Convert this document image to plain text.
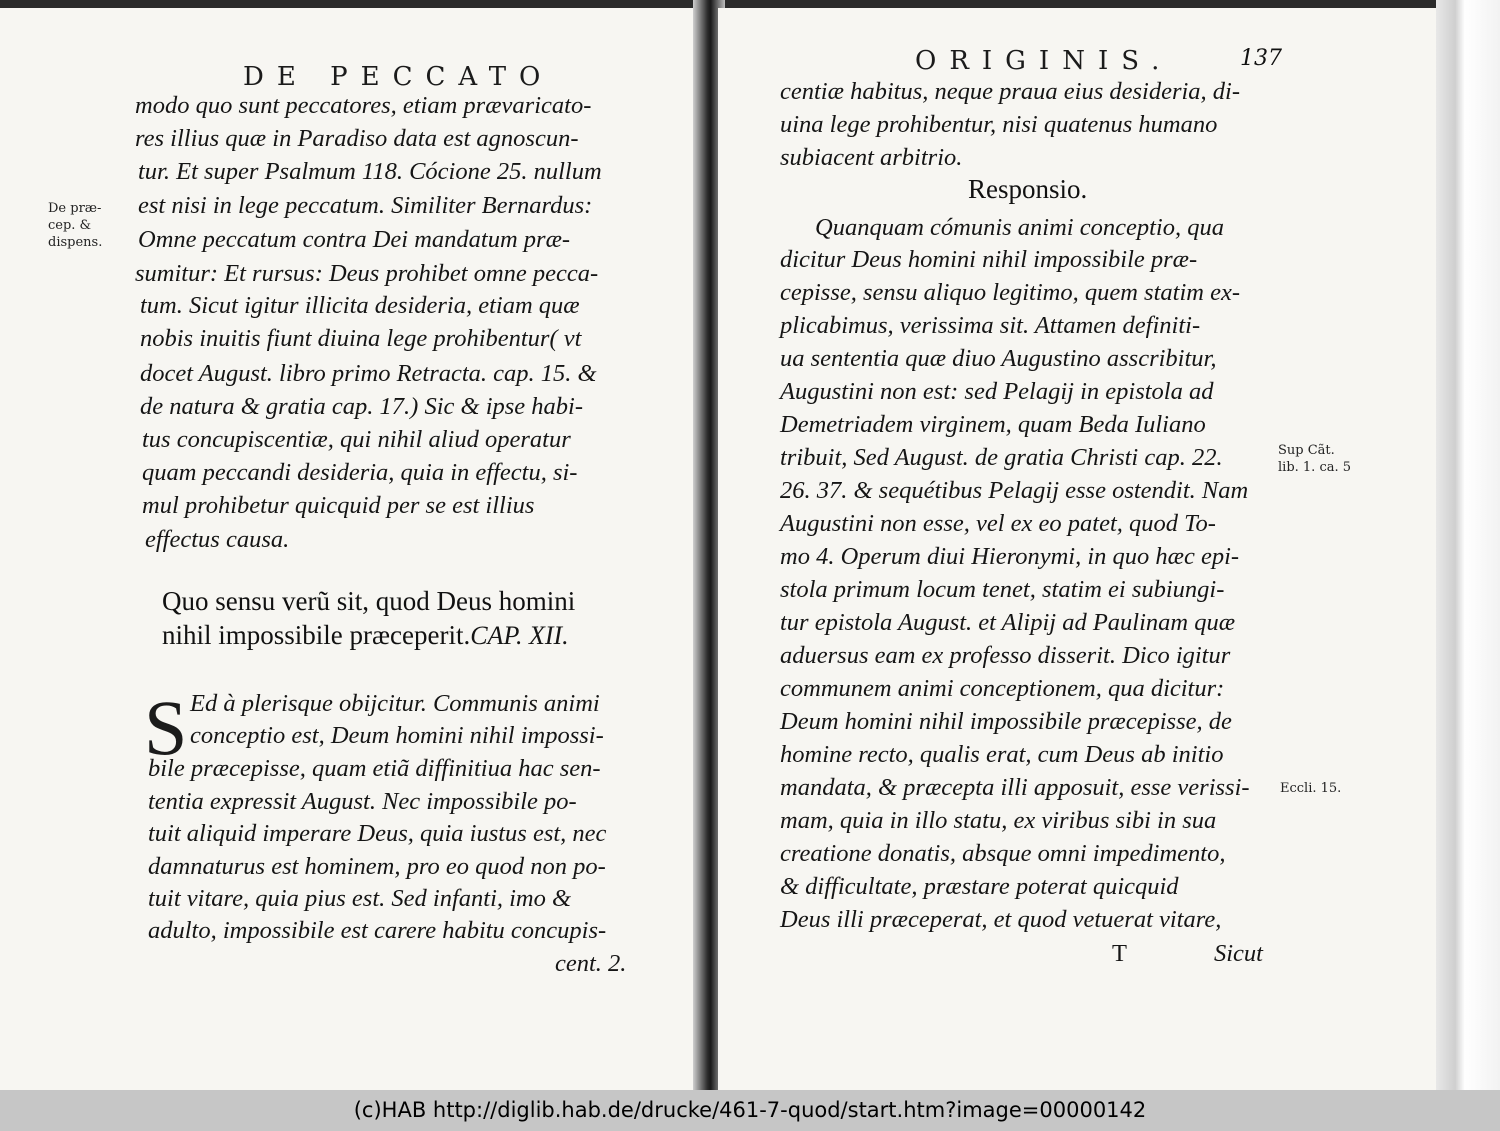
DE PECCATO
modo quo sunt peccatores, etiam prævaricato-
res illius quæ in Paradiso data est agnoscun-
tur. Et super Psalmum 118. Cócione 25. nullum
est nisi in lege peccatum. Similiter Bernardus:
Omne peccatum contra Dei mandatum præ-
sumitur: Et rursus: Deus prohibet omne pecca-
tum. Sicut igitur illicita desideria, etiam quæ
nobis inuitis fiunt diuina lege prohibentur( vt
docet August. libro primo Retracta. cap. 15. &
de natura & gratia cap. 17.) Sic & ipse habi-
tus concupiscentiæ, qui nihil aliud operatur
quam peccandi desideria, quia in effectu, si-
mul prohibetur quicquid per se est illius
effectus causa.
De præ-
cep. &
dispens.
Quo sensu verũ sit, quod Deus homini
nihil impossibile præceperit.CAP. XII.
S Ed à plerisque obijcitur. Communis animi
conceptio est, Deum homini nihil impossi-
bile præcepisse, quam etiã diffinitiua hac sen-
tentia expressit August. Nec impossibile po-
tuit aliquid imperare Deus, quia iustus est, nec
damnaturus est hominem, pro eo quod non po-
tuit vitare, quia pius est. Sed infanti, imo &
adulto, impossibile est carere habitu concupis-
cent. 2.
ORIGINIS.	137
centiæ habitus, neque praua eius desideria, di-
uina lege prohibentur, nisi quatenus humano
subiacent arbitrio.
Responsio.
Quanquam cómunis animi conceptio, qua
dicitur Deus homini nihil impossibile præ-
cepisse, sensu aliquo legitimo, quem statim ex-
plicabimus, verissima sit. Attamen definiti-
ua sententia quæ diuo Augustino asscribitur,
Augustini non est: sed Pelagij in epistola ad
Demetriadem virginem, quam Beda Iuliano
tribuit, Sed August. de gratia Christi cap. 22.
26. 37. & sequétibus Pelagij esse ostendit. Nam
Augustini non esse, vel ex eo patet, quod To-
mo 4. Operum diui Hieronymi, in quo hæc epi-
stola primum locum tenet, statim ei subiungi-
tur epistola August. et Alipij ad Paulinam quæ
aduersus eam ex professo disserit. Dico igitur
communem animi conceptionem, qua dicitur:
Deum homini nihil impossibile præcepisse, de
homine recto, qualis erat, cum Deus ab initio
mandata, & præcepta illi apposuit, esse verissi-
mam, quia in illo statu, ex viribus sibi in sua
creatione donatis, absque omni impedimento,
& difficultate, præstare poterat quicquid
Deus illi præceperat, et quod vetuerat vitare,
T	Sicut
Sup Cãt.
lib. 1. ca. 5
Eccli. 15.
(c)HAB http://diglib.hab.de/drucke/461-7-quod/start.htm?image=00000142
